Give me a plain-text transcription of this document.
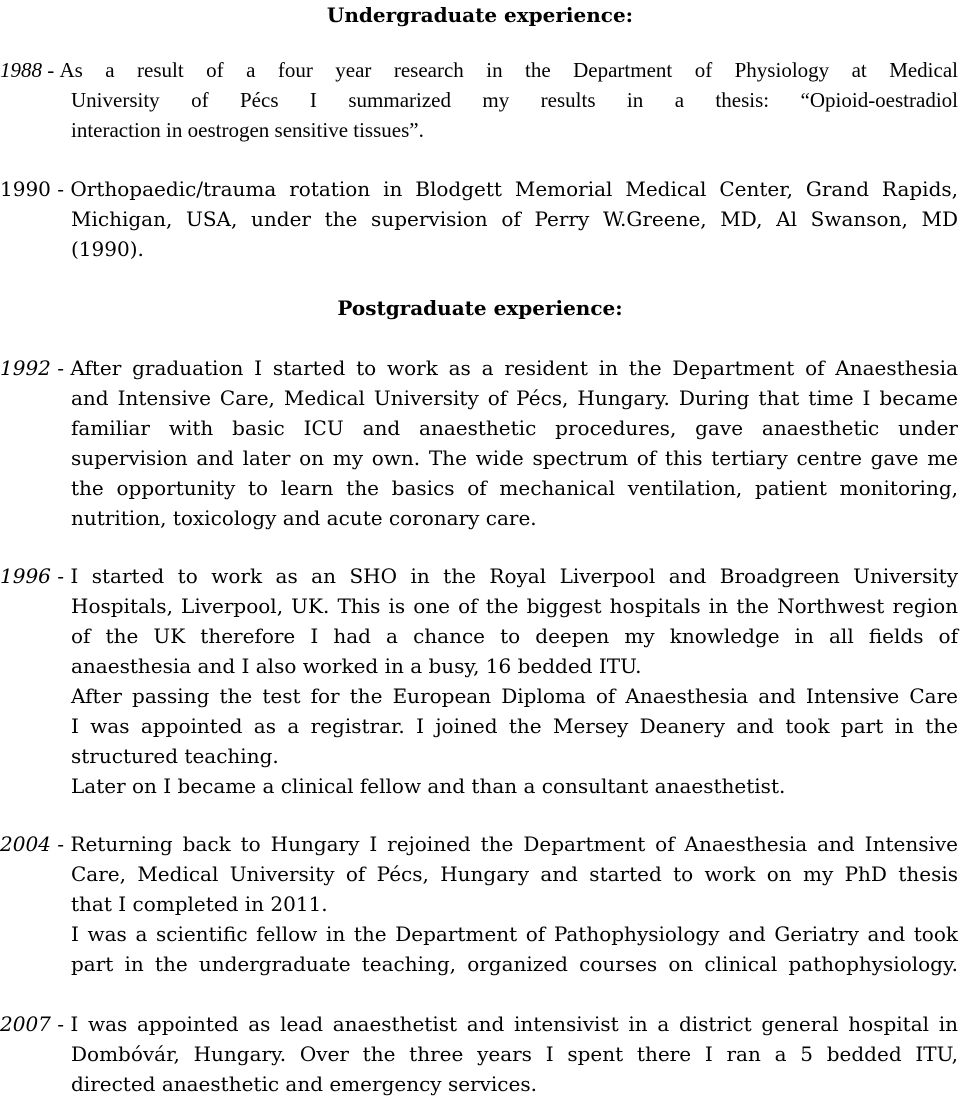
Undergraduate experience:
1988 - As a result of a four year research in the Department of Physiology at Medical
University of Pécs I summarized my results in a thesis: “Opioid-oestradiol
interaction in oestrogen sensitive tissues”.
1990 - Orthopaedic/trauma rotation in Blodgett Memorial Medical Center, Grand Rapids,
Michigan, USA, under the supervision of Perry W.Greene, MD, Al Swanson, MD
(1990).
Postgraduate experience:
1992 - After graduation I started to work as a resident in the Department of Anaesthesia
and Intensive Care, Medical University of Pécs, Hungary. During that time I became
familiar with basic ICU and anaesthetic procedures, gave anaesthetic under
supervision and later on my own. The wide spectrum of this tertiary centre gave me
the opportunity to learn the basics of mechanical ventilation, patient monitoring,
nutrition, toxicology and acute coronary care.
1996 - I started to work as an SHO in the Royal Liverpool and Broadgreen University
Hospitals, Liverpool, UK. This is one of the biggest hospitals in the Northwest region
of the UK therefore I had a chance to deepen my knowledge in all fields of
anaesthesia and I also worked in a busy, 16 bedded ITU.
After passing the test for the European Diploma of Anaesthesia and Intensive Care
I was appointed as a registrar. I joined the Mersey Deanery and took part in the
structured teaching.
Later on I became a clinical fellow and than a consultant anaesthetist.
2004 - Returning back to Hungary I rejoined the Department of Anaesthesia and Intensive
Care, Medical University of Pécs, Hungary and started to work on my PhD thesis
that I completed in 2011.
I was a scientific fellow in the Department of Pathophysiology and Geriatry and took
part in the undergraduate teaching, organized courses on clinical pathophysiology.
2007 - I was appointed as lead anaesthetist and intensivist in a district general hospital in
Dombóvár, Hungary. Over the three years I spent there I ran a 5 bedded ITU,
directed anaesthetic and emergency services.
